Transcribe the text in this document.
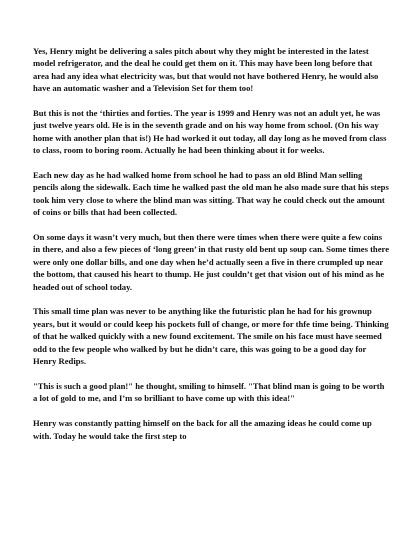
Yes, Henry might be delivering a sales pitch about why they might be interested in the latest model refrigerator, and the deal he could get them on it. This may have been long before that area had any idea what electricity was, but that would not have bothered Henry, he would also have an automatic washer and a Television Set for them too!

But this is not the ‘thirties and forties. The year is 1999 and Henry was not an adult yet, he was just twelve years old. He is in the seventh grade and on his way home from school. (On his way home with another plan that is!) He had worked it out today, all day long as he moved from class to class, room to boring room. Actually he had been thinking about it for weeks.

Each new day as he had walked home from school he had to pass an old Blind Man selling pencils along the sidewalk. Each time he walked past the old man he also made sure that his steps took him very close to where the blind man was sitting. That way he could check out the amount of coins or bills that had been collected.

On some days it wasn’t very much, but then there were times when there were quite a few coins in there, and also a few pieces of ‘long green’ in that rusty old bent up soup can. Some times there were only one dollar bills, and one day when he’d actually seen a five in there crumpled up near the bottom, that caused his heart to thump. He just couldn’t get that vision out of his mind as he headed out of school today.

This small time plan was never to be anything like the futuristic plan he had for his grownup years, but it would or could keep his pockets full of change, or more for thfe time being. Thinking of that he walked quickly with a new found excitement. The smile on his face must have seemed odd to the few people who walked by but he didn’t care, this was going to be a good day for Henry Redips.

"This is such a good plan!" he thought, smiling to himself. "That blind man is going to be worth a lot of gold to me, and I’m so brilliant to have come up with this idea!"

Henry was constantly patting himself on the back for all the amazing ideas he could come up with. Today he would take the first step to
